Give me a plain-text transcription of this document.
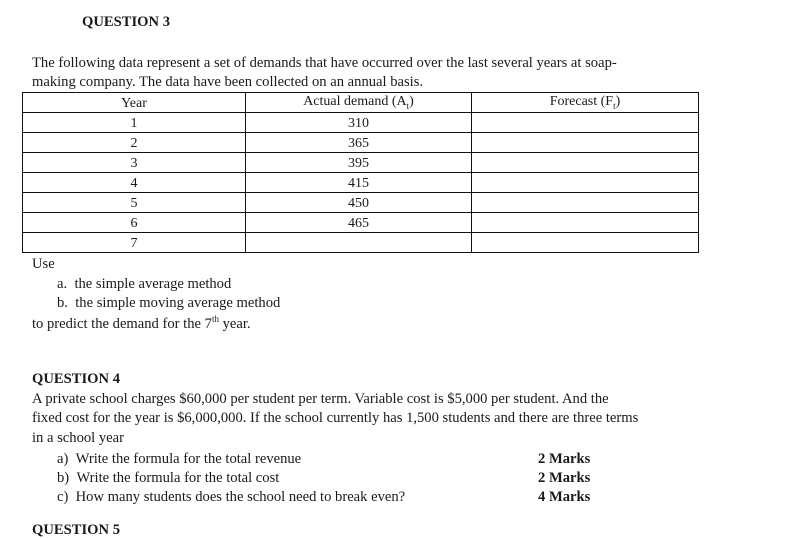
QUESTION 3
The following data represent a set of demands that have occurred over the last several years at soap-
making company. The data have been collected on an annual basis.
Year	Actual demand $(A_t)$	Forecast $(F_t)$
1	310	
2	365	
3	395	
4	415	
5	450	
6	465	
7		
Use
a. the simple average method
b. the simple moving average method
to predict the demand for the 7th year.
QUESTION 4
A private school charges $60,000 per student per term. Variable cost is $5,000 per student. And the
fixed cost for the year is $6,000,000. If the school currently has 1,500 students and there are three terms
in a school year
a) Write the formula for the total revenue	2 Marks
b) Write the formula for the total cost	2 Marks
c) How many students does the school need to break even?	4 Marks
QUESTION 5
